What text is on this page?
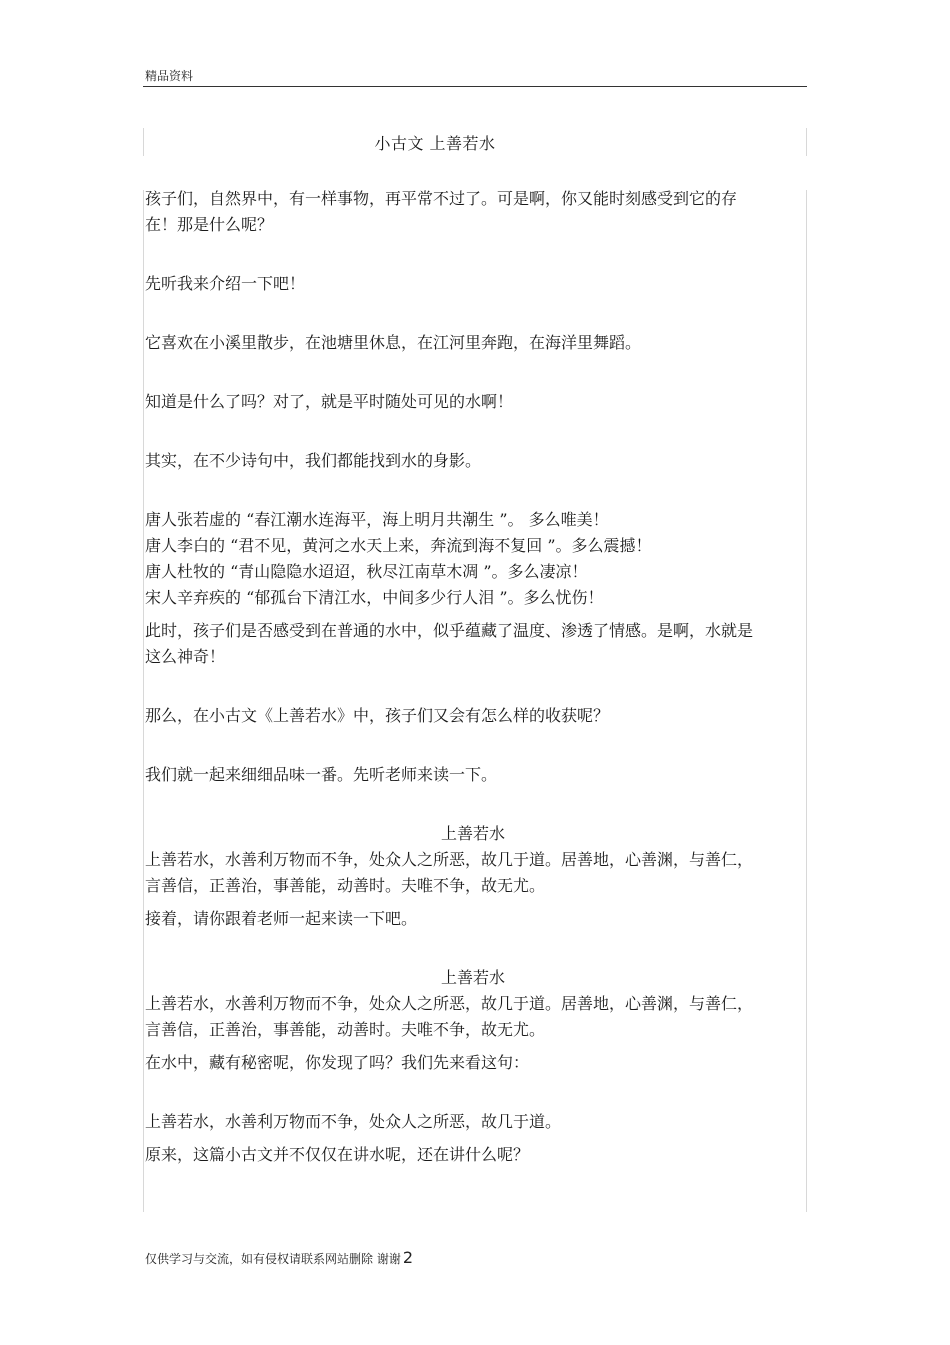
精品资料
小古文 上善若水

孩子们，自然界中，有一样事物，再平常不过了。可是啊，你又能时刻感受到它的存在！那是什么呢？

先听我来介绍一下吧！

它喜欢在小溪里散步，在池塘里休息，在江河里奔跑，在海洋里舞蹈。

知道是什么了吗？对了，就是平时随处可见的水啊！

其实，在不少诗句中，我们都能找到水的身影。

唐人张若虚的 “春江潮水连海平，海上明月共潮生 ”。 多么唯美！

唐人李白的 “君不见，黄河之水天上来，奔流到海不复回 ”。多么震撼！

唐人杜牧的 “青山隐隐水迢迢，秋尽江南草木凋 ”。多么凄凉！

宋人辛弃疾的 “郁孤台下清江水，中间多少行人泪 ”。多么忧伤！

此时，孩子们是否感受到在普通的水中，似乎蕴藏了温度、渗透了情感。是啊，水就是这么神奇！

那么，在小古文《上善若水》中，孩子们又会有怎么样的收获呢？

我们就一起来细细品味一番。先听老师来读一下。

上善若水

上善若水，水善利万物而不争，处众人之所恶，故几于道。居善地，心善渊，与善仁，言善信，正善治，事善能，动善时。夫唯不争，故无尤。

接着，请你跟着老师一起来读一下吧。

上善若水

上善若水，水善利万物而不争，处众人之所恶，故几于道。居善地，心善渊，与善仁，言善信，正善治，事善能，动善时。夫唯不争，故无尤。

在水中，藏有秘密呢，你发现了吗？我们先来看这句：

上善若水，水善利万物而不争，处众人之所恶，故几于道。

原来，这篇小古文并不仅仅在讲水呢，还在讲什么呢？

仅供学习与交流，如有侵权请联系网站删除 谢谢 2
